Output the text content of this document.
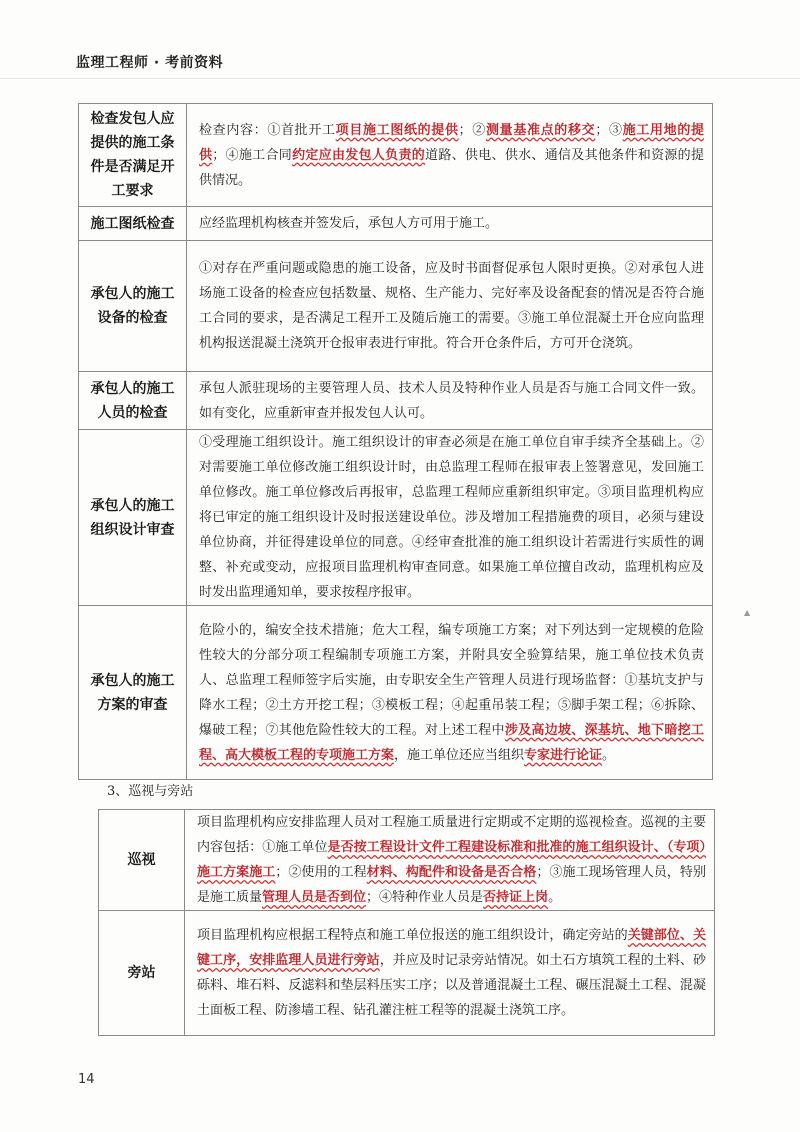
监理工程师 · 考前资料
检查发包人应提供的施工条件是否满足开工要求	检查内容：①首批开工项目施工图纸的提供；②测量基准点的移交；③施工用地的提供；④施工合同约定应由发包人负责的道路、供电、供水、通信及其他条件和资源的提供情况。
施工图纸检查	应经监理机构核查并签发后，承包人方可用于施工。
承包人的施工设备的检查	①对存在严重问题或隐患的施工设备，应及时书面督促承包人限时更换。②对承包人进场施工设备的检查应包括数量、规格、生产能力、完好率及设备配套的情况是否符合施工合同的要求，是否满足工程开工及随后施工的需要。③施工单位混凝土开仓应向监理机构报送混凝土浇筑开仓报审表进行审批。符合开仓条件后，方可开仓浇筑。
承包人的施工人员的检查	承包人派驻现场的主要管理人员、技术人员及特种作业人员是否与施工合同文件一致。如有变化，应重新审查并报发包人认可。
承包人的施工组织设计审查	①受理施工组织设计。施工组织设计的审查必须是在施工单位自审手续齐全基础上。②对需要施工单位修改施工组织设计时，由总监理工程师在报审表上签署意见，发回施工单位修改。施工单位修改后再报审，总监理工程师应重新组织审定。③项目监理机构应将已审定的施工组织设计及时报送建设单位。涉及增加工程措施费的项目，必须与建设单位协商，并征得建设单位的同意。④经审查批准的施工组织设计若需进行实质性的调整、补充或变动，应报项目监理机构审查同意。如果施工单位擅自改动，监理机构应及时发出监理通知单，要求按程序报审。
承包人的施工方案的审查	危险小的，编安全技术措施；危大工程，编专项施工方案；对下列达到一定规模的危险性较大的分部分项工程编制专项施工方案，并附具安全验算结果，施工单位技术负责人、总监理工程师签字后实施，由专职安全生产管理人员进行现场监督：①基坑支护与降水工程；②土方开挖工程；③模板工程；④起重吊装工程；⑤脚手架工程；⑥拆除、爆破工程；⑦其他危险性较大的工程。对上述工程中涉及高边坡、深基坑、地下暗挖工程、高大模板工程的专项施工方案，施工单位还应当组织专家进行论证。
3、巡视与旁站
巡视	项目监理机构应安排监理人员对工程施工质量进行定期或不定期的巡视检查。巡视的主要内容包括：①施工单位是否按工程设计文件工程建设标准和批准的施工组织设计、（专项）施工方案施工；②使用的工程材料、构配件和设备是否合格；③施工现场管理人员，特别是施工质量管理人员是否到位；④特种作业人员是否持证上岗。
旁站	项目监理机构应根据工程特点和施工单位报送的施工组织设计，确定旁站的关键部位、关键工序，安排监理人员进行旁站，并应及时记录旁站情况。如土石方填筑工程的土料、砂砾料、堆石料、反滤料和垫层料压实工序；以及普通混凝土工程、碾压混凝土工程、混凝土面板工程、防渗墙工程、钻孔灌注桩工程等的混凝土浇筑工序。
14
▲
